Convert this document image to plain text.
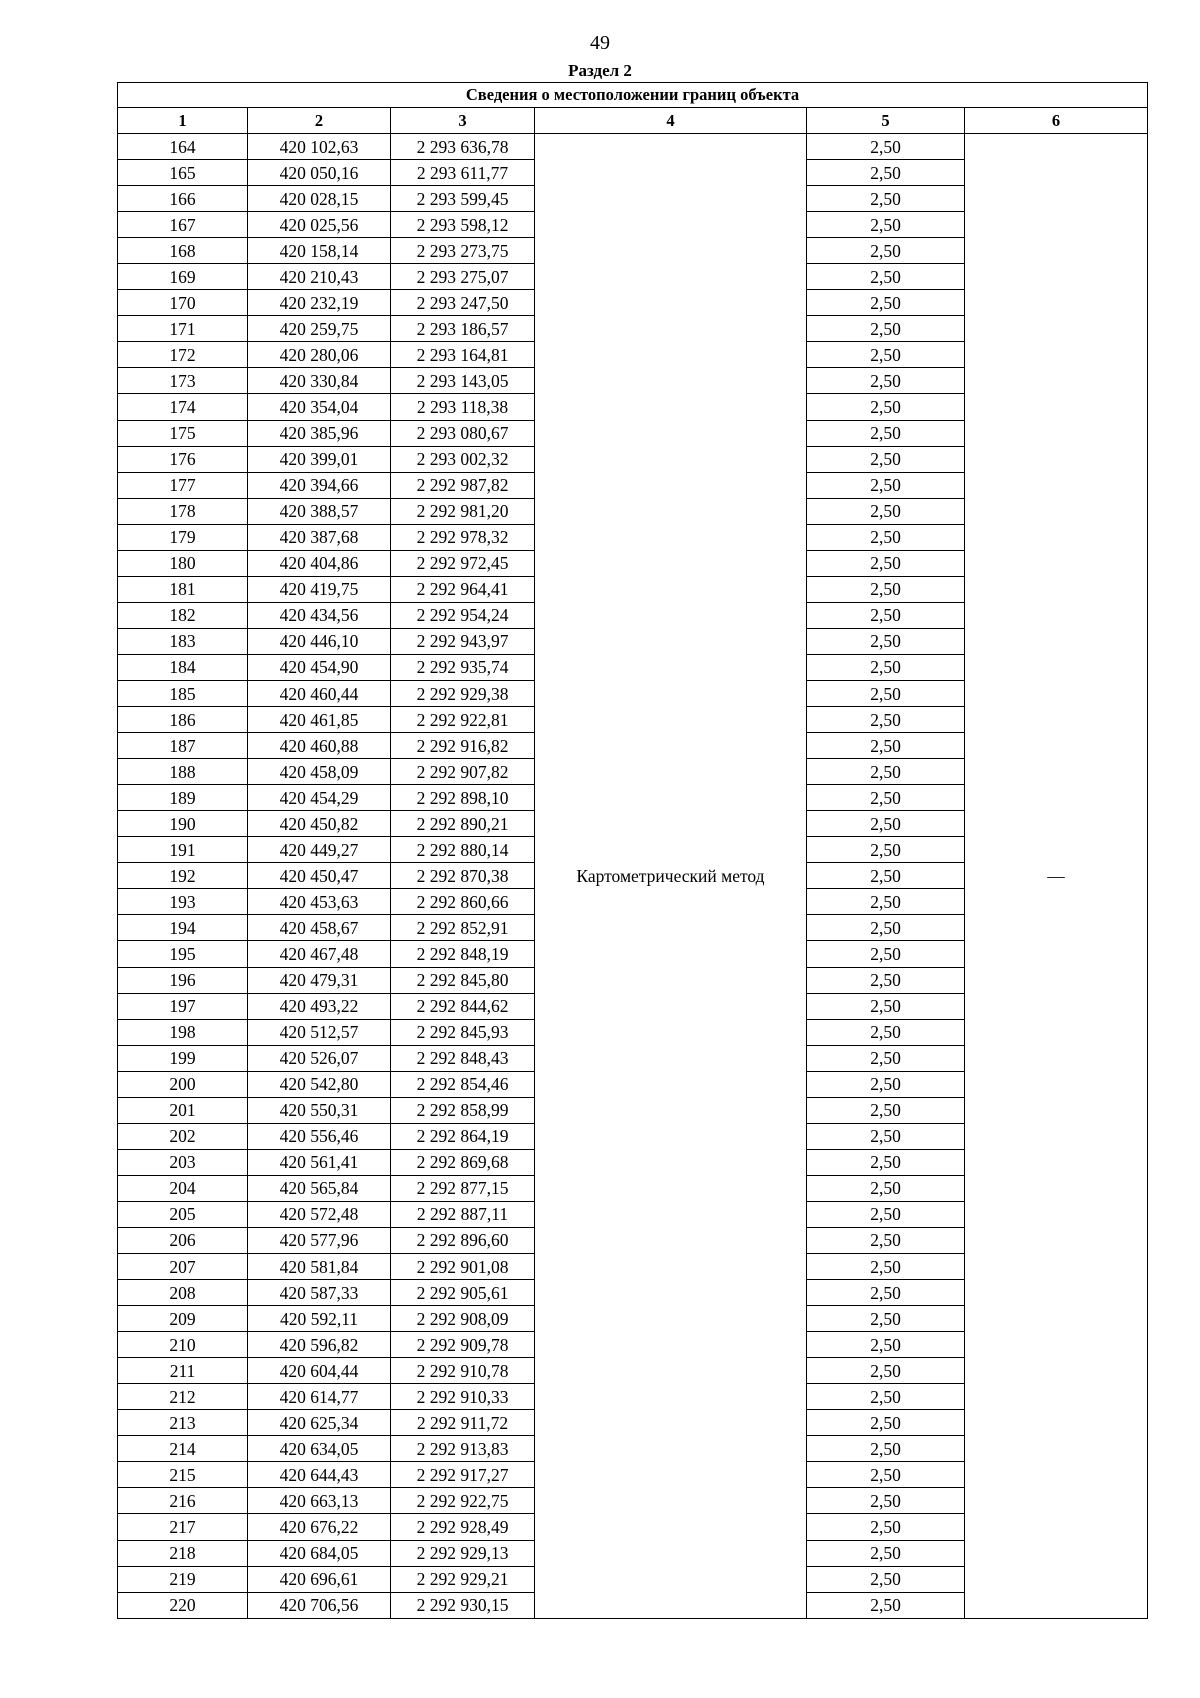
49
Раздел 2
Сведения о местоположении границ объекта					
1	2	3	4	5	6
164	420 102,63	2 293 636,78	Картометрический метод	2,50	—
165	420 050,16	2 293 611,77		2,50	
166	420 028,15	2 293 599,45		2,50	
167	420 025,56	2 293 598,12		2,50	
168	420 158,14	2 293 273,75		2,50	
169	420 210,43	2 293 275,07		2,50	
170	420 232,19	2 293 247,50		2,50	
171	420 259,75	2 293 186,57		2,50	
172	420 280,06	2 293 164,81		2,50	
173	420 330,84	2 293 143,05		2,50	
174	420 354,04	2 293 118,38		2,50	
175	420 385,96	2 293 080,67		2,50	
176	420 399,01	2 293 002,32		2,50	
177	420 394,66	2 292 987,82		2,50	
178	420 388,57	2 292 981,20		2,50	
179	420 387,68	2 292 978,32		2,50	
180	420 404,86	2 292 972,45		2,50	
181	420 419,75	2 292 964,41		2,50	
182	420 434,56	2 292 954,24		2,50	
183	420 446,10	2 292 943,97		2,50	
184	420 454,90	2 292 935,74		2,50	
185	420 460,44	2 292 929,38		2,50	
186	420 461,85	2 292 922,81		2,50	
187	420 460,88	2 292 916,82		2,50	
188	420 458,09	2 292 907,82		2,50	
189	420 454,29	2 292 898,10		2,50	
190	420 450,82	2 292 890,21		2,50	
191	420 449,27	2 292 880,14		2,50	
192	420 450,47	2 292 870,38		2,50	
193	420 453,63	2 292 860,66		2,50	
194	420 458,67	2 292 852,91		2,50	
195	420 467,48	2 292 848,19		2,50	
196	420 479,31	2 292 845,80		2,50	
197	420 493,22	2 292 844,62		2,50	
198	420 512,57	2 292 845,93		2,50	
199	420 526,07	2 292 848,43		2,50	
200	420 542,80	2 292 854,46		2,50	
201	420 550,31	2 292 858,99		2,50	
202	420 556,46	2 292 864,19		2,50	
203	420 561,41	2 292 869,68		2,50	
204	420 565,84	2 292 877,15		2,50	
205	420 572,48	2 292 887,11		2,50	
206	420 577,96	2 292 896,60		2,50	
207	420 581,84	2 292 901,08		2,50	
208	420 587,33	2 292 905,61		2,50	
209	420 592,11	2 292 908,09		2,50	
210	420 596,82	2 292 909,78		2,50	
211	420 604,44	2 292 910,78		2,50	
212	420 614,77	2 292 910,33		2,50	
213	420 625,34	2 292 911,72		2,50	
214	420 634,05	2 292 913,83		2,50	
215	420 644,43	2 292 917,27		2,50	
216	420 663,13	2 292 922,75		2,50	
217	420 676,22	2 292 928,49		2,50	
218	420 684,05	2 292 929,13		2,50	
219	420 696,61	2 292 929,21		2,50	
220	420 706,56	2 292 930,15		2,50	
